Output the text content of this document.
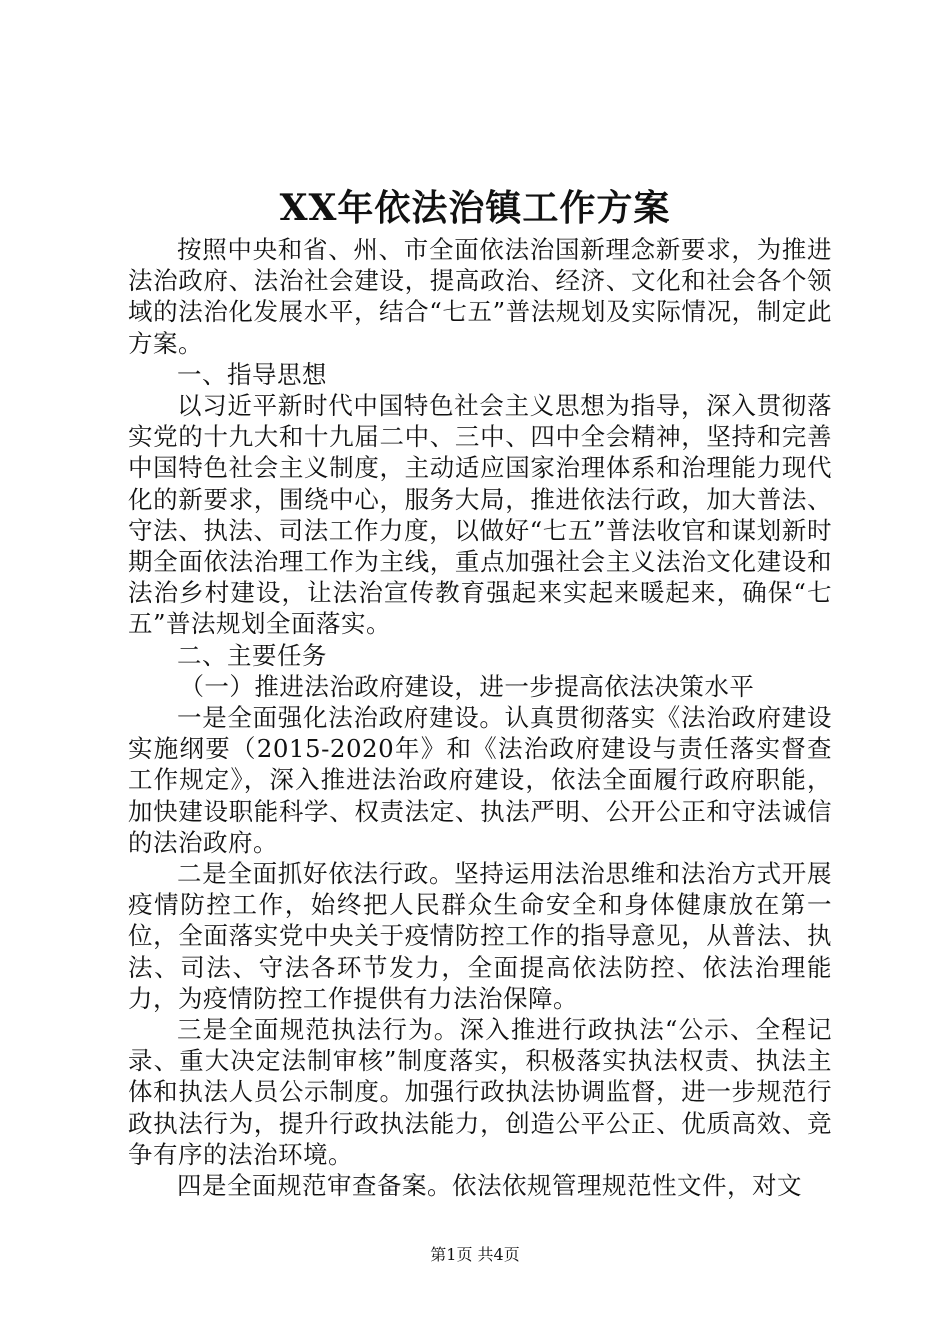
XX年依法治镇工作方案

按照中央和省、州、市全面依法治国新理念新要求，为推进法治政府、法治社会建设，提高政治、经济、文化和社会各个领域的法治化发展水平，结合“七五”普法规划及实际情况，制定此方案。

一、指导思想

以习近平新时代中国特色社会主义思想为指导，深入贯彻落实党的十九大和十九届二中、三中、四中全会精神，坚持和完善中国特色社会主义制度，主动适应国家治理体系和治理能力现代化的新要求，围绕中心，服务大局，推进依法行政，加大普法、守法、执法、司法工作力度，以做好“七五”普法收官和谋划新时期全面依法治理工作为主线，重点加强社会主义法治文化建设和法治乡村建设，让法治宣传教育强起来实起来暖起来，确保“七五”普法规划全面落实。

二、主要任务

（一）推进法治政府建设，进一步提高依法决策水平

一是全面强化法治政府建设。认真贯彻落实《法治政府建设实施纲要（2015-2020年》和《法治政府建设与责任落实督查工作规定》，深入推进法治政府建设，依法全面履行政府职能，加快建设职能科学、权责法定、执法严明、公开公正和守法诚信的法治政府。

二是全面抓好依法行政。坚持运用法治思维和法治方式开展疫情防控工作，始终把人民群众生命安全和身体健康放在第一位，全面落实党中央关于疫情防控工作的指导意见，从普法、执法、司法、守法各环节发力，全面提高依法防控、依法治理能力，为疫情防控工作提供有力法治保障。

三是全面规范执法行为。深入推进行政执法“公示、全程记录、重大决定法制审核”制度落实，积极落实执法权责、执法主体和执法人员公示制度。加强行政执法协调监督，进一步规范行政执法行为，提升行政执法能力，创造公平公正、优质高效、竞争有序的法治环境。

四是全面规范审查备案。依法依规管理规范性文件，对文

第1页 共4页
